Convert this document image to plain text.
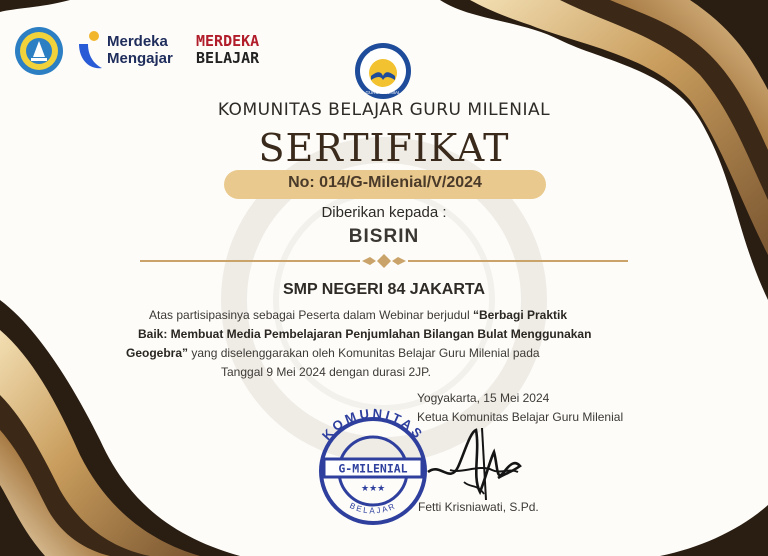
Merdeka
Mengajar
MERDEKA
BELAJAR	KOM-BEL
GURU MILENIAL
KOMUNITAS BELAJAR GURU MILENIAL
SERTIFIKAT
No: 014/G-Milenial/V/2024
Diberikan kepada :
BISRIN
SMP NEGERI 84 JAKARTA
Atas partisipasinya sebagai Peserta dalam Webinar berjudul “Berbagi Praktik
Baik: Membuat Media Pembelajaran Penjumlahan Bilangan Bulat Menggunakan
Geogebra” yang diselenggarakan oleh Komunitas Belajar Guru Milenial pada
Tanggal 9 Mei 2024 dengan durasi 2JP.
Yogyakarta, 15 Mei 2024
Ketua Komunitas Belajar Guru Milenial
KOMUNITAS
G-MILENIAL
★★★
BELAJAR Fetti Krisniawati, S.Pd.
